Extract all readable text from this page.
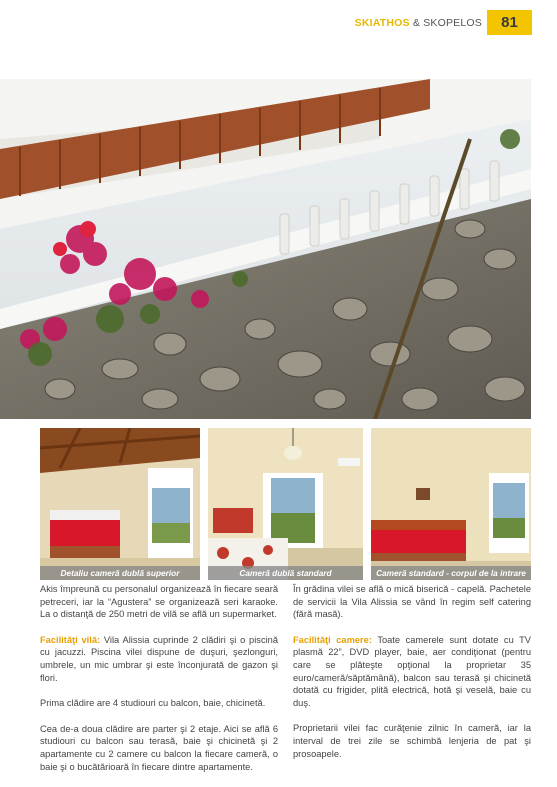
SKIATHOS & SKOPELOS	81
Detaliu cameră dublă superior	Cameră dublă standard	Cameră standard - corpul de la intrare

Akis împreună cu personalul organizează în fiecare seară petreceri, iar la “Agustera” se organizează seri karaoke. La o distanţă de 250 metri de vilă se află un supermarket.

Facilităţi vilă: Vila Alissia cuprinde 2 clădiri şi o piscină cu jacuzzi. Piscina vilei dispune de duşuri, şezlonguri, umbrele, un mic umbrar şi este înconjurată de gazon şi flori.

Prima clădire are 4 studiouri cu balcon, baie, chicinetă.

Cea de-a doua clădire are parter şi 2 etaje. Aici se află 6 studiouri cu balcon sau terasă, baie şi chicinetă şi 2 apartamente cu 2 camere cu balcon la fiecare cameră, o baie şi o bucătărioară în fiecare dintre apartamente.

În grădina vilei se află o mică biserică - capelă. Pachetele de servicii la Vila Alissia se vând în regim self catering (fără masă).

Facilităţi camere: Toate camerele sunt dotate cu TV plasmă 22”, DVD player, baie, aer condiţionat (pentru care se plăteşte opţional la proprietar 35 euro/cameră/săptămână), balcon sau terasă şi chicinetă dotată cu frigider, plită electrică, hotă şi veselă, baie cu duş.

Proprietarii vilei fac curăţenie zilnic în cameră, iar la interval de trei zile se schimbă lenjeria de pat şi prosoapele.
